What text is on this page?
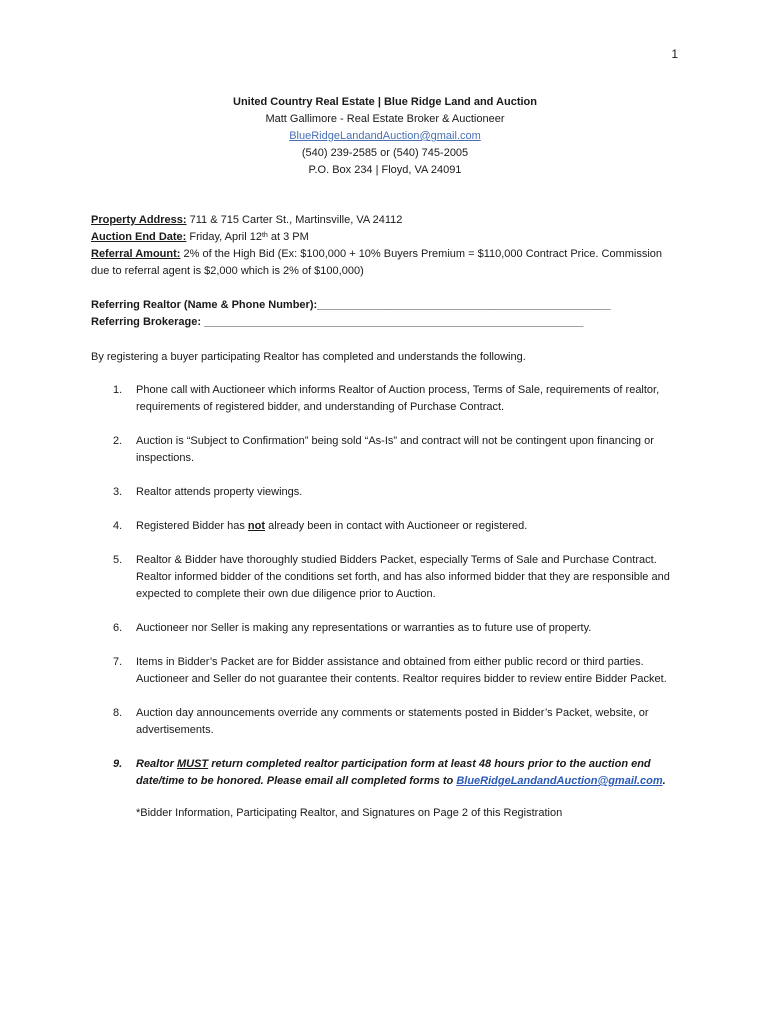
1
United Country Real Estate | Blue Ridge Land and Auction
Matt Gallimore - Real Estate Broker & Auctioneer
BlueRidgeLandandAuction@gmail.com
(540) 239-2585 or (540) 745-2005
P.O. Box 234 | Floyd, VA 24091
Property Address: 711 & 715 Carter St., Martinsville, VA 24112
Auction End Date: Friday, April 12th at 3 PM
Referral Amount: 2% of the High Bid (Ex: $100,000 + 10% Buyers Premium = $110,000 Contract Price. Commission due to referral agent is $2,000 which is 2% of $100,000)
Referring Realtor (Name & Phone Number):________________________________________________
Referring Brokerage: ______________________________________________________________
By registering a buyer participating Realtor has completed and understands the following.
1. Phone call with Auctioneer which informs Realtor of Auction process, Terms of Sale, requirements of realtor, requirements of registered bidder, and understanding of Purchase Contract.
2. Auction is “Subject to Confirmation” being sold “As-Is” and contract will not be contingent upon financing or inspections.
3. Realtor attends property viewings.
4. Registered Bidder has not already been in contact with Auctioneer or registered.
5. Realtor & Bidder have thoroughly studied Bidders Packet, especially Terms of Sale and Purchase Contract. Realtor informed bidder of the conditions set forth, and has also informed bidder that they are responsible and expected to complete their own due diligence prior to Auction.
6. Auctioneer nor Seller is making any representations or warranties as to future use of property.
7. Items in Bidder’s Packet are for Bidder assistance and obtained from either public record or third parties. Auctioneer and Seller do not guarantee their contents. Realtor requires bidder to review entire Bidder Packet.
8. Auction day announcements override any comments or statements posted in Bidder’s Packet, website, or advertisements.
9. Realtor MUST return completed realtor participation form at least 48 hours prior to the auction end date/time to be honored. Please email all completed forms to BlueRidgeLandandAuction@gmail.com.
*Bidder Information, Participating Realtor, and Signatures on Page 2 of this Registration
